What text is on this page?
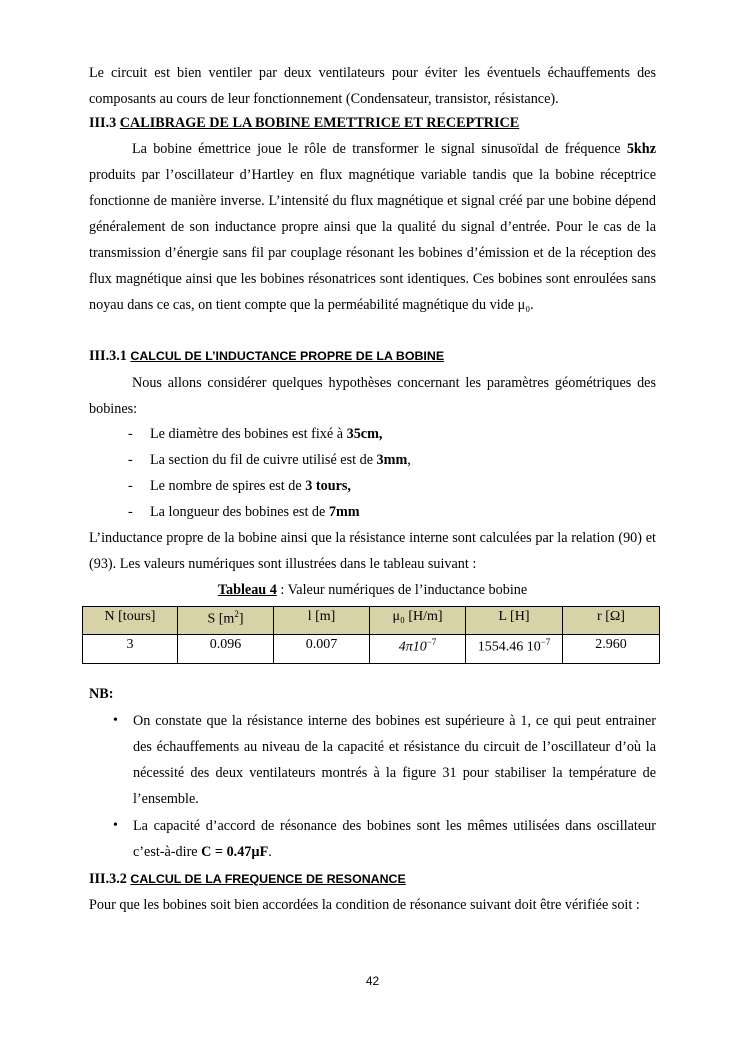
Le circuit est bien ventiler par deux ventilateurs pour éviter les éventuels échauffements des composants au cours de leur fonctionnement (Condensateur, transistor, résistance).

III.3 CALIBRAGE DE LA BOBINE EMETTRICE ET RECEPTRICE

La bobine émettrice joue le rôle de transformer le signal sinusoïdal de fréquence 5khz produits par l’oscillateur d’Hartley en flux magnétique variable tandis que la bobine réceptrice fonctionne de manière inverse. L’intensité du flux magnétique et signal créé par une bobine dépend généralement de son inductance propre ainsi que la qualité du signal d’entrée. Pour le cas de la transmission d’énergie sans fil par couplage résonant les bobines d’émission et de la réception des flux magnétique ainsi que les bobines résonatrices sont identiques. Ces bobines sont enroulées sans noyau dans ce cas, on tient compte que la perméabilité magnétique du vide μ₀.

III.3.1 CALCUL DE L’INDUCTANCE PROPRE DE LA BOBINE

Nous allons considérer quelques hypothèses concernant les paramètres géométriques des bobines:

- Le diamètre des bobines est fixé à 35cm,
- La section du fil de cuivre utilisé est de 3mm,
- Le nombre de spires est de 3 tours,
- La longueur des bobines est de 7mm

L’inductance propre de la bobine ainsi que la résistance interne sont calculées par la relation (90) et (93). Les valeurs numériques sont illustrées dans le tableau suivant :

Tableau 4 : Valeur numériques de l’inductance bobine
N [tours]	S $[m^2]$	l [m]	μ₀ [H/m]	L [H]	r [Ω]
3	0.096	0.007	$4\pi 10^{-7}$	1554.46 $10^{-7}$	2.960
NB:
• On constate que la résistance interne des bobines est supérieure à 1, ce qui peut entrainer des échauffements au niveau de la capacité et résistance du circuit de l’oscillateur d’où la nécessité des deux ventilateurs montrés à la figure 31 pour stabiliser la température de l’ensemble.

• La capacité d’accord de résonance des bobines sont les mêmes utilisées dans oscillateur c’est-à-dire C = 0.47µF.

III.3.2 CALCUL DE LA FREQUENCE DE RESONANCE

Pour que les bobines soit bien accordées la condition de résonance suivant doit être vérifiée soit :

42
